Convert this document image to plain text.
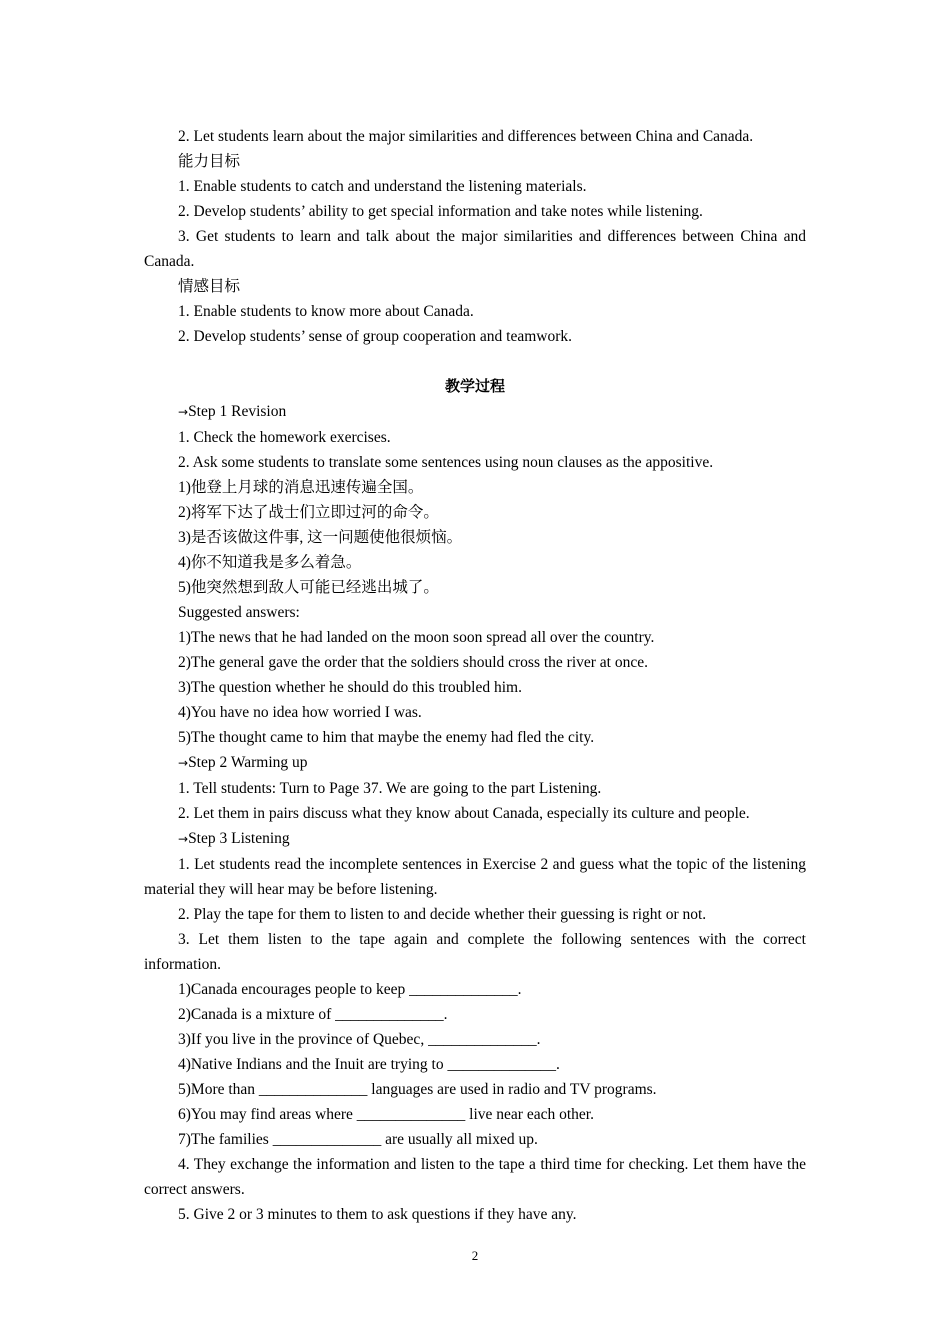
2. Let students learn about the major similarities and differences between China and Canada.

能力目标

1. Enable students to catch and understand the listening materials.

2. Develop students’ ability to get special information and take notes while listening.

3. Get students to learn and talk about the major similarities and differences between China and Canada.

情感目标

1. Enable students to know more about Canada.

2. Develop students’ sense of group cooperation and teamwork.

教学过程

→Step 1 Revision

1. Check the homework exercises.

2. Ask some students to translate some sentences using noun clauses as the appositive.

1)他登上月球的消息迅速传遍全国。

2)将军下达了战士们立即过河的命令。

3)是否该做这件事, 这一问题使他很烦恼。

4)你不知道我是多么着急。

5)他突然想到敌人可能已经逃出城了。

Suggested answers:

1)The news that he had landed on the moon soon spread all over the country.

2)The general gave the order that the soldiers should cross the river at once.

3)The question whether he should do this troubled him.

4)You have no idea how worried I was.

5)The thought came to him that maybe the enemy had fled the city.

→Step 2 Warming up

1. Tell students: Turn to Page 37. We are going to the part Listening.

2. Let them in pairs discuss what they know about Canada, especially its culture and people.

→Step 3 Listening

1. Let students read the incomplete sentences in Exercise 2 and guess what the topic of the listening material they will hear may be before listening.

2. Play the tape for them to listen to and decide whether their guessing is right or not.

3. Let them listen to the tape again and complete the following sentences with the correct information.

1)Canada encourages people to keep ______________.

2)Canada is a mixture of ______________.

3)If you live in the province of Quebec, ______________.

4)Native Indians and the Inuit are trying to ______________.

5)More than ______________ languages are used in radio and TV programs.

6)You may find areas where ______________ live near each other.

7)The families ______________ are usually all mixed up.

4. They exchange the information and listen to the tape a third time for checking. Let them have the correct answers.

5. Give 2 or 3 minutes to them to ask questions if they have any.

2
